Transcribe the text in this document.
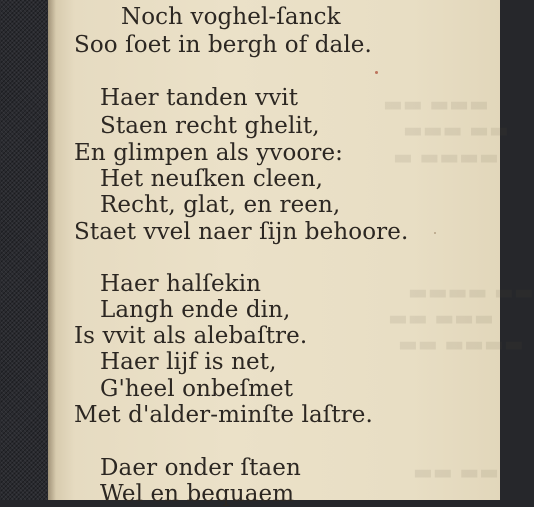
▬▬▬ ▬▬
▬▬ ▬▬▬
▬▬▬▬ ▬
▬▬ ▬▬▬▬
▬▬▬ ▬▬
▬▬▬▬ ▬▬
▬▬ ▬▬

Noch voghel-ſanck

Soo ſoet in bergh of dale.

Haer tanden vvit

Staen recht ghelit,

En glimpen als yvoore:

Het neuſken cleen,

Recht, glat, en reen,

Staet vvel naer ſijn behoore.

Haer halſekin

Langh ende din,

Is vvit als alebaſtre.

Haer lijf is net,

G'heel onbeſmet

Met d'alder-minſte laſtre.

Daer onder ſtaen

Wel en bequaem
